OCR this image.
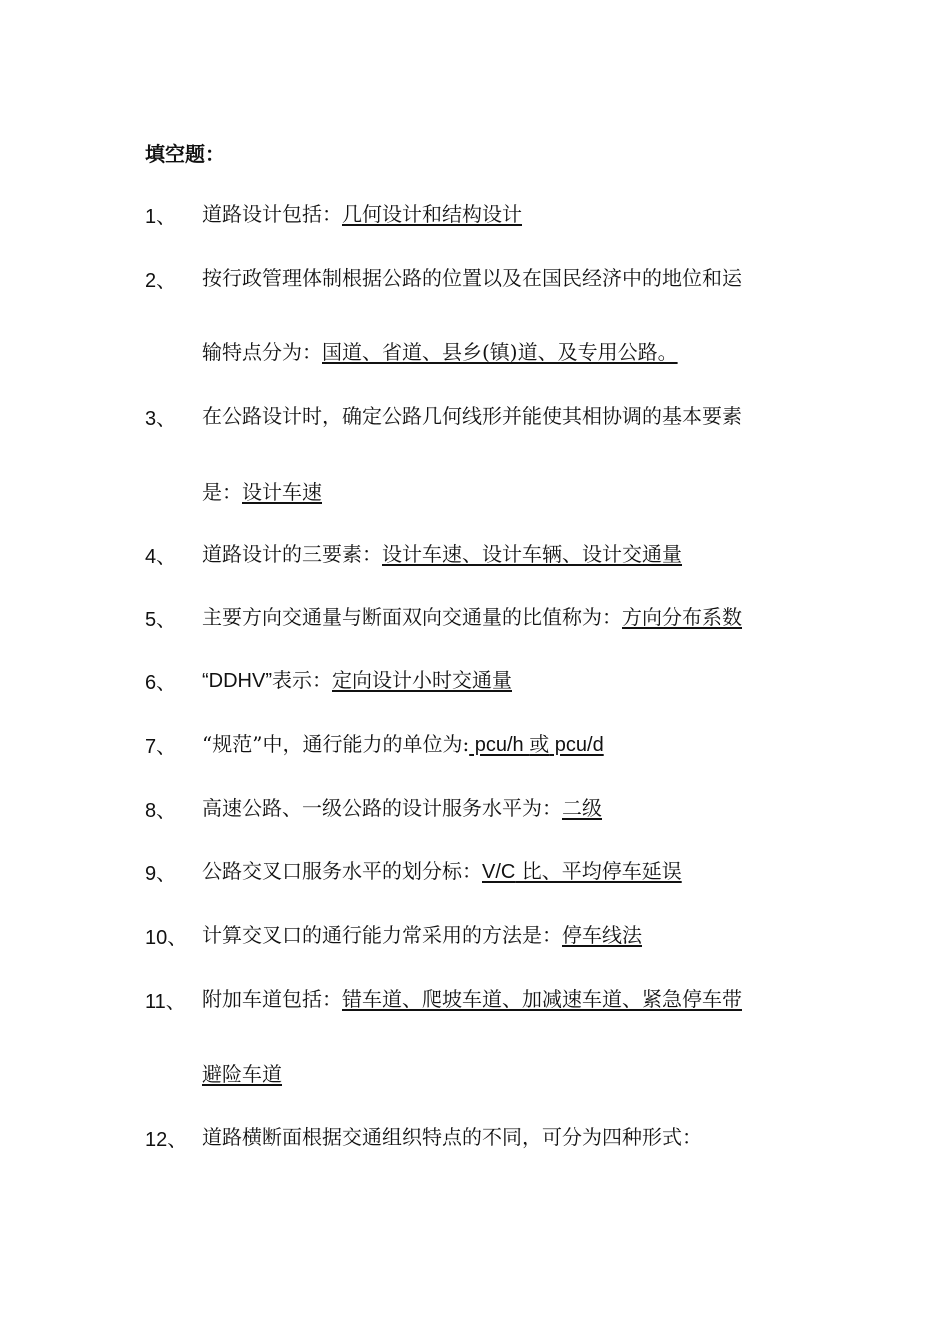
填空题：
1、	道路设计包括：几何设计和结构设计
2、	按行政管理体制根据公路的位置以及在国民经济中的地位和运
输特点分为：国道、省道、县乡(镇)道、及专用公路。
3、	在公路设计时，确定公路几何线形并能使其相协调的基本要素
是：设计车速
4、	道路设计的三要素：设计车速、设计车辆、设计交通量
5、	主要方向交通量与断面双向交通量的比值称为：方向分布系数
6、	“DDHV”表示：定向设计小时交通量
7、	“规范”中，通行能力的单位为: pcu/h 或 pcu/d
8、	高速公路、一级公路的设计服务水平为：二级
9、	公路交叉口服务水平的划分标：V/C 比、平均停车延误
10、 计算交叉口的通行能力常采用的方法是：停车线法
11、 附加车道包括：错车道、爬坡车道、加减速车道、紧急停车带
避险车道
12、 道路横断面根据交通组织特点的不同，可分为四种形式：
